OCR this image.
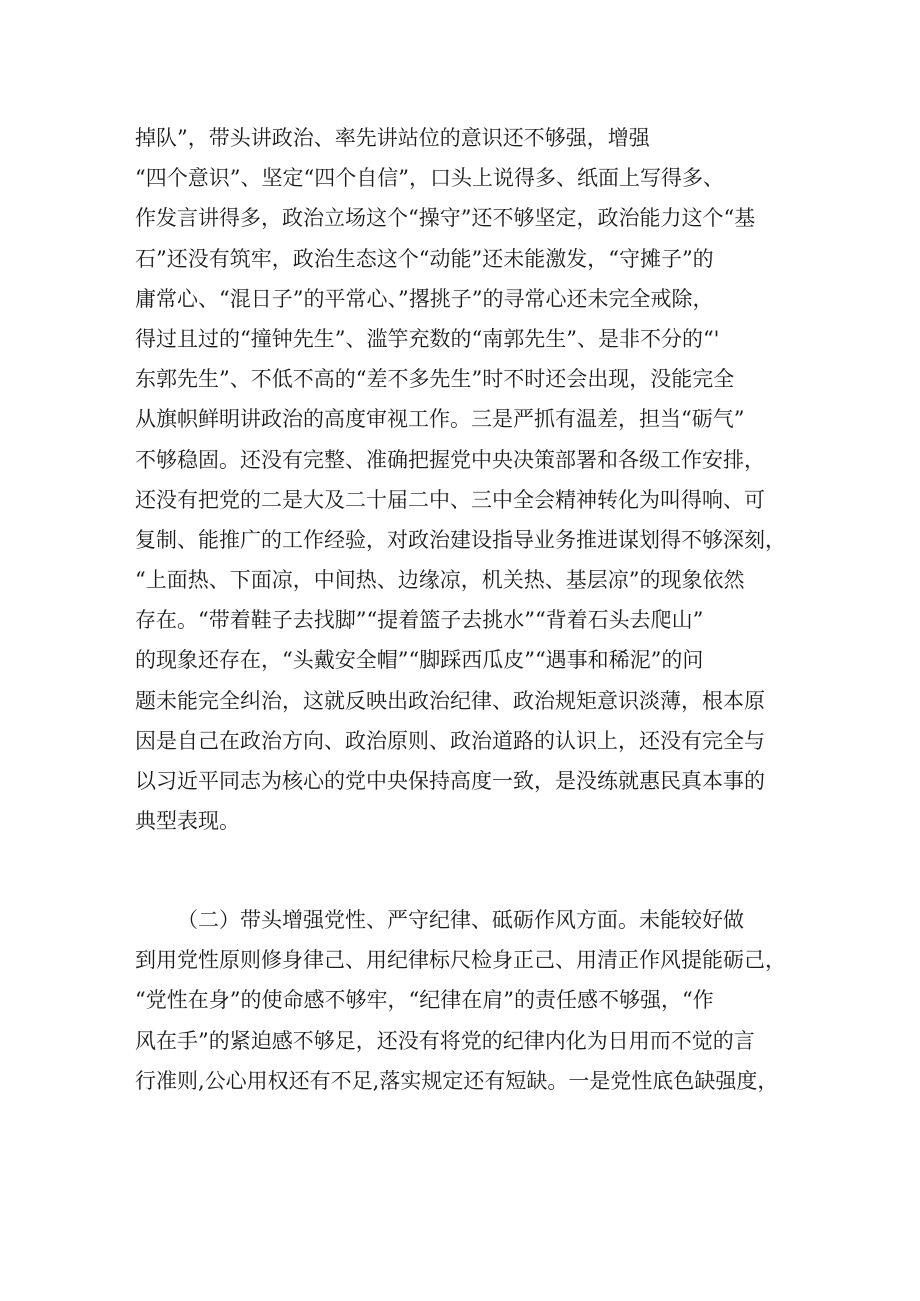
掉队”，带头讲政治、率先讲站位的意识还不够强，增强
“四个意识”、坚定“四个自信”，口头上说得多、纸面上写得多、
作发言讲得多，政治立场这个“操守”还不够坚定，政治能力这个“基
石”还没有筑牢，政治生态这个“动能”还未能激发，“守摊子”的
庸常心、“混日子”的平常心、”撂挑子”的寻常心还未完全戒除，
得过且过的“撞钟先生”、滥竽充数的“南郭先生”、是非不分的“'
东郭先生”、不低不高的“差不多先生”时不时还会出现，没能完全
从旗帜鲜明讲政治的高度审视工作。三是严抓有温差，担当“砺气”
不够稳固。还没有完整、准确把握党中央决策部署和各级工作安排，
还没有把党的二是大及二十届二中、三中全会精神转化为叫得响、可
复制、能推广的工作经验，对政治建设指导业务推进谋划得不够深刻，
“上面热、下面凉，中间热、边缘凉，机关热、基层凉”的现象依然
存在。“带着鞋子去找脚”“提着篮子去挑水”“背着石头去爬山”
的现象还存在，“头戴安全帽”“脚踩西瓜皮”“遇事和稀泥”的问
题未能完全纠治，这就反映出政治纪律、政治规矩意识淡薄，根本原
因是自己在政治方向、政治原则、政治道路的认识上，还没有完全与
以习近平同志为核心的党中央保持高度一致，是没练就惠民真本事的
典型表现。
（二）带头增强党性、严守纪律、砥砺作风方面。未能较好做
到用党性原则修身律己、用纪律标尺检身正己、用清正作风提能砺己，
“党性在身”的使命感不够牢，“纪律在肩”的责任感不够强，“作
风在手”的紧迫感不够足，还没有将党的纪律内化为日用而不觉的言
行准则,公心用权还有不足,落实规定还有短缺。一是党性底色缺强度，
